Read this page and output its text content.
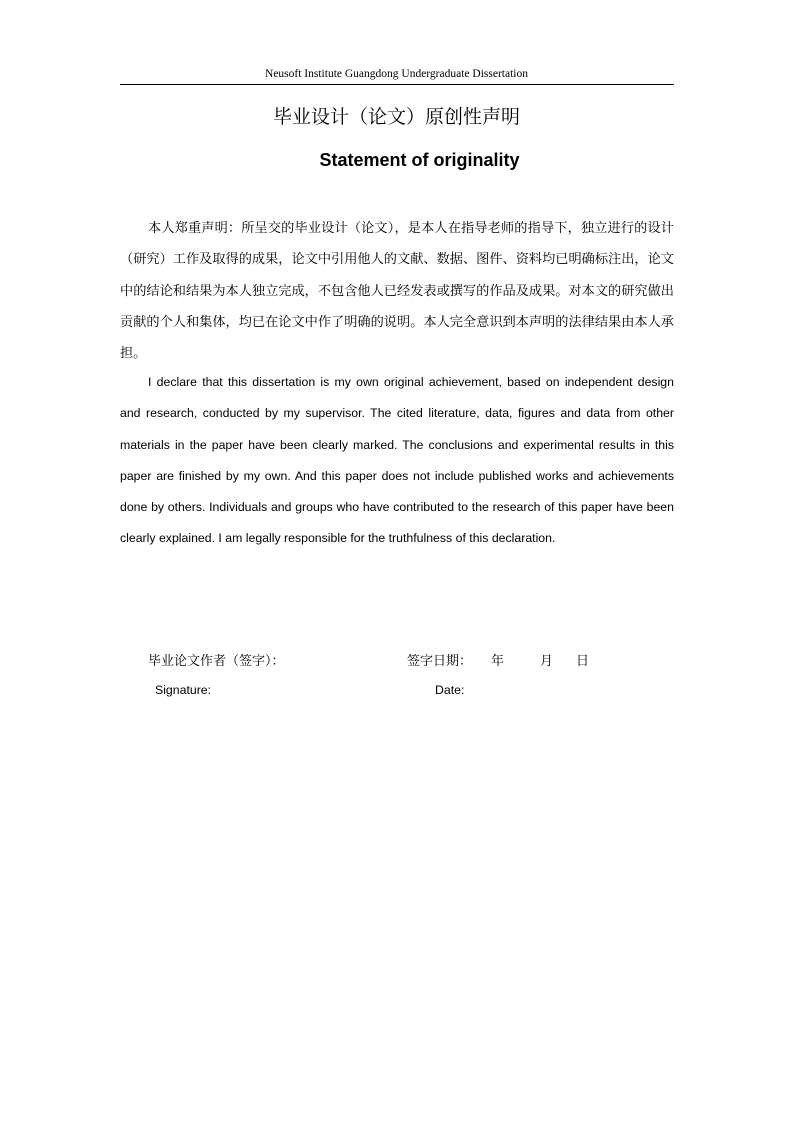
Neusoft Institute Guangdong Undergraduate Dissertation
毕业设计（论文）原创性声明
Statement of originality

本人郑重声明：所呈交的毕业设计（论文），是本人在指导老师的指导下，独立进行的设计（研究）工作及取得的成果，论文中引用他人的文献、数据、图件、资料均已明确标注出，论文中的结论和结果为本人独立完成，不包含他人已经发表或撰写的作品及成果。对本文的研究做出贡献的个人和集体，均已在论文中作了明确的说明。本人完全意识到本声明的法律结果由本人承担。

I declare that this dissertation is my own original achievement, based on independent design and research, conducted by my supervisor. The cited literature, data, figures and data from other materials in the paper have been clearly marked. The conclusions and experimental results in this paper are finished by my own. And this paper does not include published works and achievements done by others. Individuals and groups who have contributed to the research of this paper have been clearly explained. I am legally responsible for the truthfulness of this declaration.

毕业论文作者（签字）：	签字日期： 年	月 日
Signature:	Date:
